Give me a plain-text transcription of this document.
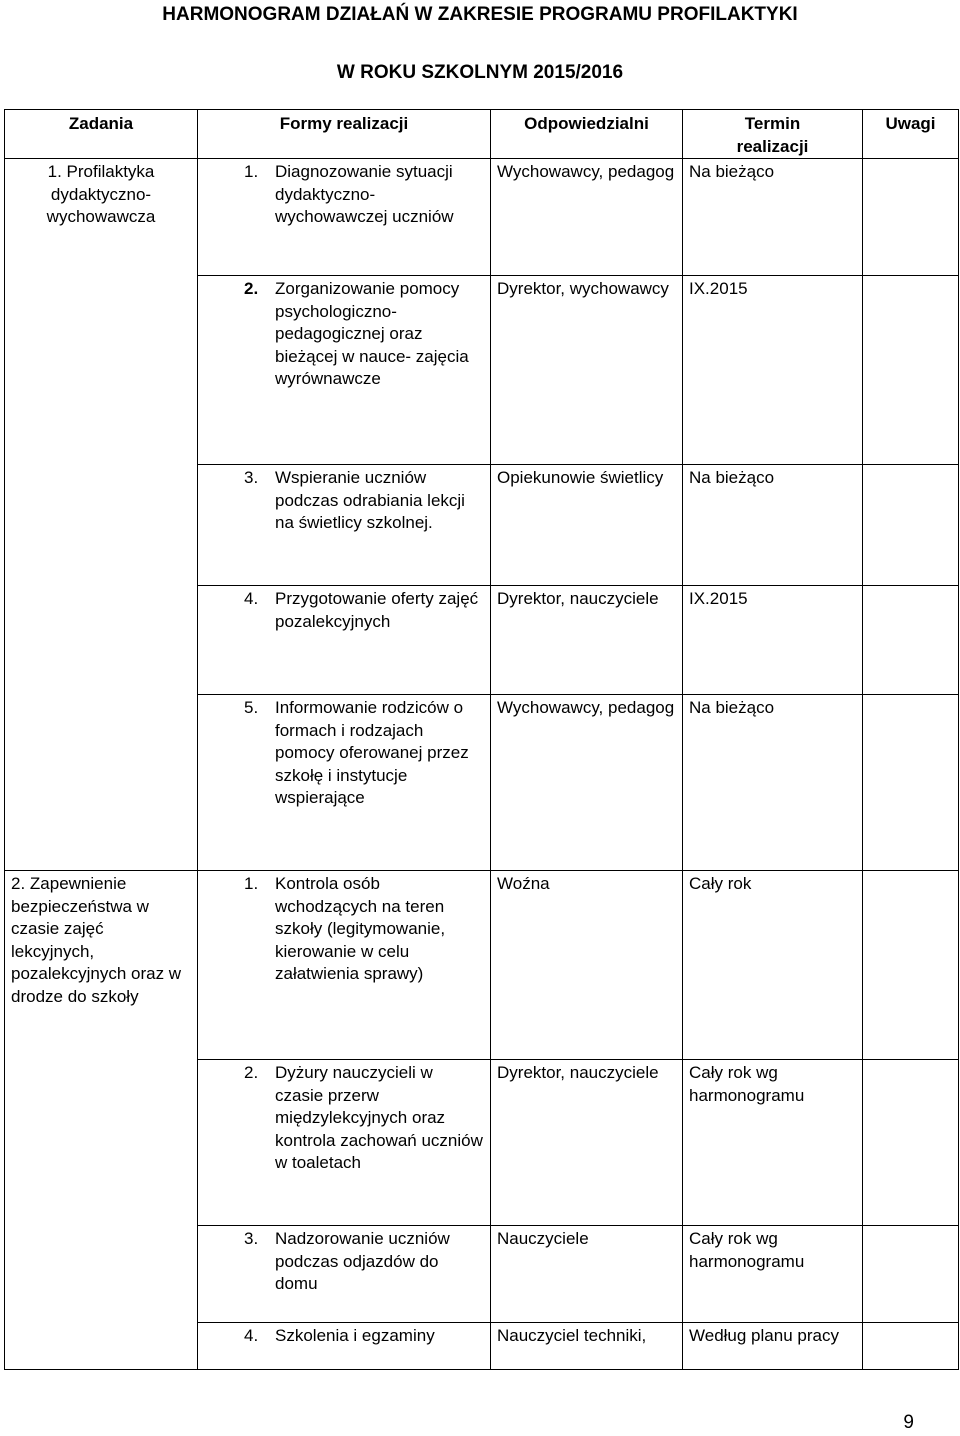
HARMONOGRAM DZIAŁAŃ W ZAKRESIE PROGRAMU PROFILAKTYKI
W ROKU SZKOLNYM 2015/2016
Zadania	Formy realizacji	Odpowiedzialni	Termin realizacji	Uwagi
1. Profilaktyka dydaktyczno-wychowawcza	1. Diagnozowanie sytuacji dydaktyczno-wychowawczej uczniów	Wychowawcy, pedagog	Na bieżąco	

	2. Zorganizowanie pomocy psychologiczno-pedagogicznej oraz bieżącej w nauce- zajęcia wyrównawcze	Dyrektor, wychowawcy	IX.2015	

	3. Wspieranie uczniów podczas odrabiania lekcji na świetlicy szkolnej.	Opiekunowie świetlicy	Na bieżąco	

	4. Przygotowanie oferty zajęć pozalekcyjnych	Dyrektor, nauczyciele	IX.2015	

	5. Informowanie rodziców o formach i rodzajach pomocy oferowanej przez szkołę i instytucje wspierające	Wychowawcy, pedagog	Na bieżąco	
2. Zapewnienie bezpieczeństwa w czasie zajęć lekcyjnych, pozalekcyjnych oraz w drodze do szkoły	1. Kontrola osób wchodzących na teren szkoły (legitymowanie, kierowanie w celu załatwienia sprawy)	Woźna	Cały rok	

	2. Dyżury nauczycieli w czasie przerw międzylekcyjnych oraz kontrola zachowań uczniów w toaletach	Dyrektor, nauczyciele	Cały rok wg harmonogramu	

	3. Nadzorowanie uczniów podczas odjazdów do domu	Nauczyciele	Cały rok wg harmonogramu	

	4. Szkolenia i egzaminy	Nauczyciel techniki,	Według planu pracy	
9
